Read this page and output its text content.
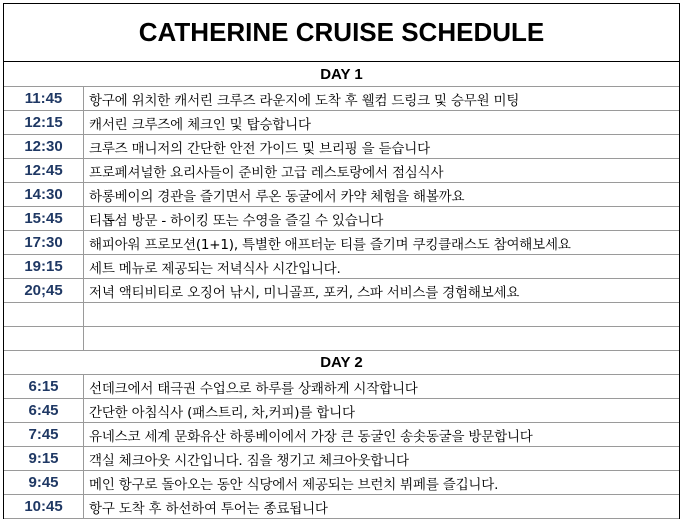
CATHERINE CRUISE SCHEDULE
DAY 1
11:45	항구에 위치한 캐서린 크루즈 라운지에 도착 후 웰컴 드링크 및 승무원 미팅
12:15	캐서린 크루즈에 체크인 및 탑승합니다
12:30	크루즈 매니저의 간단한 안전 가이드 및 브리핑 을 듣습니다
12:45	프로페셔널한 요리사들이 준비한 고급 레스토랑에서 점심식사
14:30	하롱베이의 경관을 즐기면서 루온 동굴에서 카약 체험을 해볼까요
15:45	티톱섬 방문 - 하이킹 또는 수영을 즐길 수 있습니다
17:30	해피아워 프로모션(1+1), 특별한 애프터눈 티를 즐기며 쿠킹클래스도 참여해보세요
19:15	세트 메뉴로 제공되는 저녁식사 시간입니다.
20;45	저녁 액티비티로 오징어 낚시, 미니골프, 포커, 스파 서비스를 경험해보세요
DAY 2
6:15	선데크에서 태극권 수업으로 하루를 상쾌하게 시작합니다
6:45	간단한 아침식사 (패스트리, 차,커피)를 합니다
7:45	유네스코 세계 문화유산 하롱베이에서 가장 큰 동굴인 송솟동굴을 방문합니다
9:15	객실 체크아웃 시간입니다. 짐을 챙기고 체크아웃합니다
9:45	메인 항구로 돌아오는 동안 식당에서 제공되는 브런치 뷔페를 즐깁니다.
10:45	항구 도착 후 하선하여 투어는 종료됩니다
